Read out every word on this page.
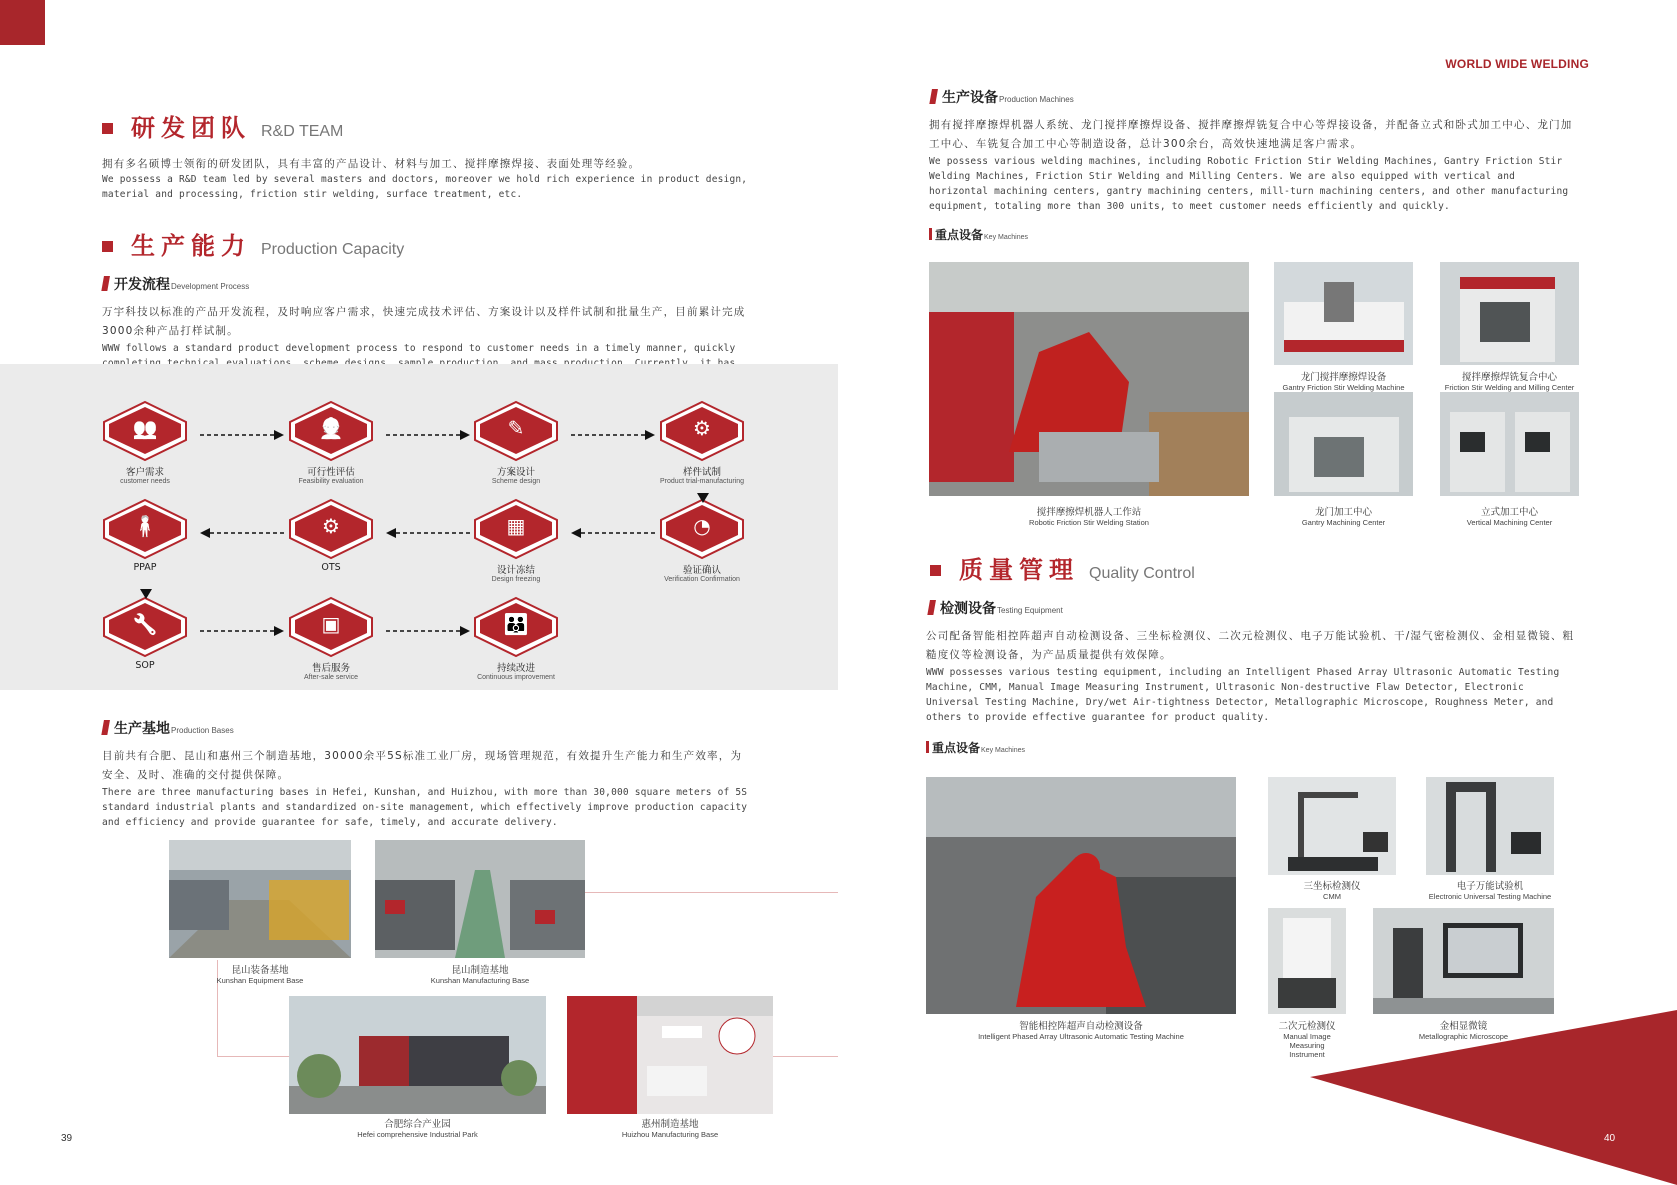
WORLD WIDE WELDING
研发团队 R&D TEAM
拥有多名硕博士领衔的研发团队，具有丰富的产品设计、材料与加工、搅拌摩擦焊接、表面处理等经验。
We possess a R&D team led by several masters and doctors, moreover we hold rich experience in product design, material and processing, friction stir welding, surface treatment, etc.
生产能力 Production Capacity
开发流程 Development Process
万宇科技以标准的产品开发流程，及时响应客户需求，快速完成技术评估、方案设计以及样件试制和批量生产，目前累计完成3000余种产品打样试制。
WWW follows a standard product development process to respond to customer needs in a timely manner, quickly
👥
客户需求
customer needs
👷
可行性评估
Feasibility evaluation
✎
方案设计
Scheme design
⚙
样件试制
Product trial-manufacturing
◔
验证确认
Verification Confirmation
▦
设计冻结
Design freezing
⚙
OTS
🧍
PPAP
🔧
SOP
▣
售后服务
After-sale service
👪
持续改进
Continuous improvement
生产基地 Production Bases
目前共有合肥、昆山和惠州三个制造基地，30000余平5S标准工业厂房，现场管理规范，有效提升生产能力和生产效率，为安全、及时、准确的交付提供保障。
There are three manufacturing bases in Hefei, Kunshan, and Huizhou, with more than 30,000 square meters of 5S standard industrial plants and standardized on-site management, which effectively improve production capacity and efficiency and provide guarantee for safe, timely, and accurate delivery.
昆山装备基地
Kunshan Equipment Base
昆山制造基地
Kunshan Manufacturing Base
合肥综合产业园
Hefei comprehensive Industrial Park
惠州制造基地
Huizhou Manufacturing Base
39
生产设备 Production Machines
拥有搅拌摩擦焊机器人系统、龙门搅拌摩擦焊设备、搅拌摩擦焊铣复合中心等焊接设备，并配备立式和卧式加工中心、龙门加工中心、车铣复合加工中心等制造设备，总计300余台，高效快速地满足客户需求。
We possess various welding machines, including Robotic Friction Stir Welding Machines, Gantry Friction Stir Welding Machines, Friction Stir Welding and Milling Centers. We are also equipped with vertical and horizontal machining centers, gantry machining centers, mill-turn machining centers, and other manufacturing equipment, totaling more than 300 units, to meet customer needs efficiently and quickly.
重点设备 Key Machines
搅拌摩擦焊机器人工作站
Robotic Friction Stir Welding Station
龙门搅拌摩擦焊设备
Gantry Friction Stir Welding Machine
搅拌摩擦焊铣复合中心
Friction Stir Welding and Milling Center
龙门加工中心
Gantry Machining Center
立式加工中心
Vertical Machining Center
质量管理 Quality Control
检测设备 Testing Equipment
公司配备智能相控阵超声自动检测设备、三坐标检测仪、二次元检测仪、电子万能试验机、干/湿气密检测仪、金相显微镜、粗糙度仪等检测设备，为产品质量提供有效保障。
WWW possesses various testing equipment, including an Intelligent Phased Array Ultrasonic Automatic Testing Machine, CMM, Manual Image Measuring Instrument, Ultrasonic Non-destructive Flaw Detector, Electronic Universal Testing Machine, Dry/wet Air-tightness Detector, Metallographic Microscope, Roughness Meter, and others to provide effective guarantee for product quality.
重点设备 Key Machines
智能相控阵超声自动检测设备
Intelligent Phased Array Ultrasonic Automatic Testing Machine
三坐标检测仪
CMM
电子万能试验机
Electronic Universal Testing Machine
二次元检测仪
Manual Image Measuring Instrument
金相显微镜
Metallographic Microscope
40
